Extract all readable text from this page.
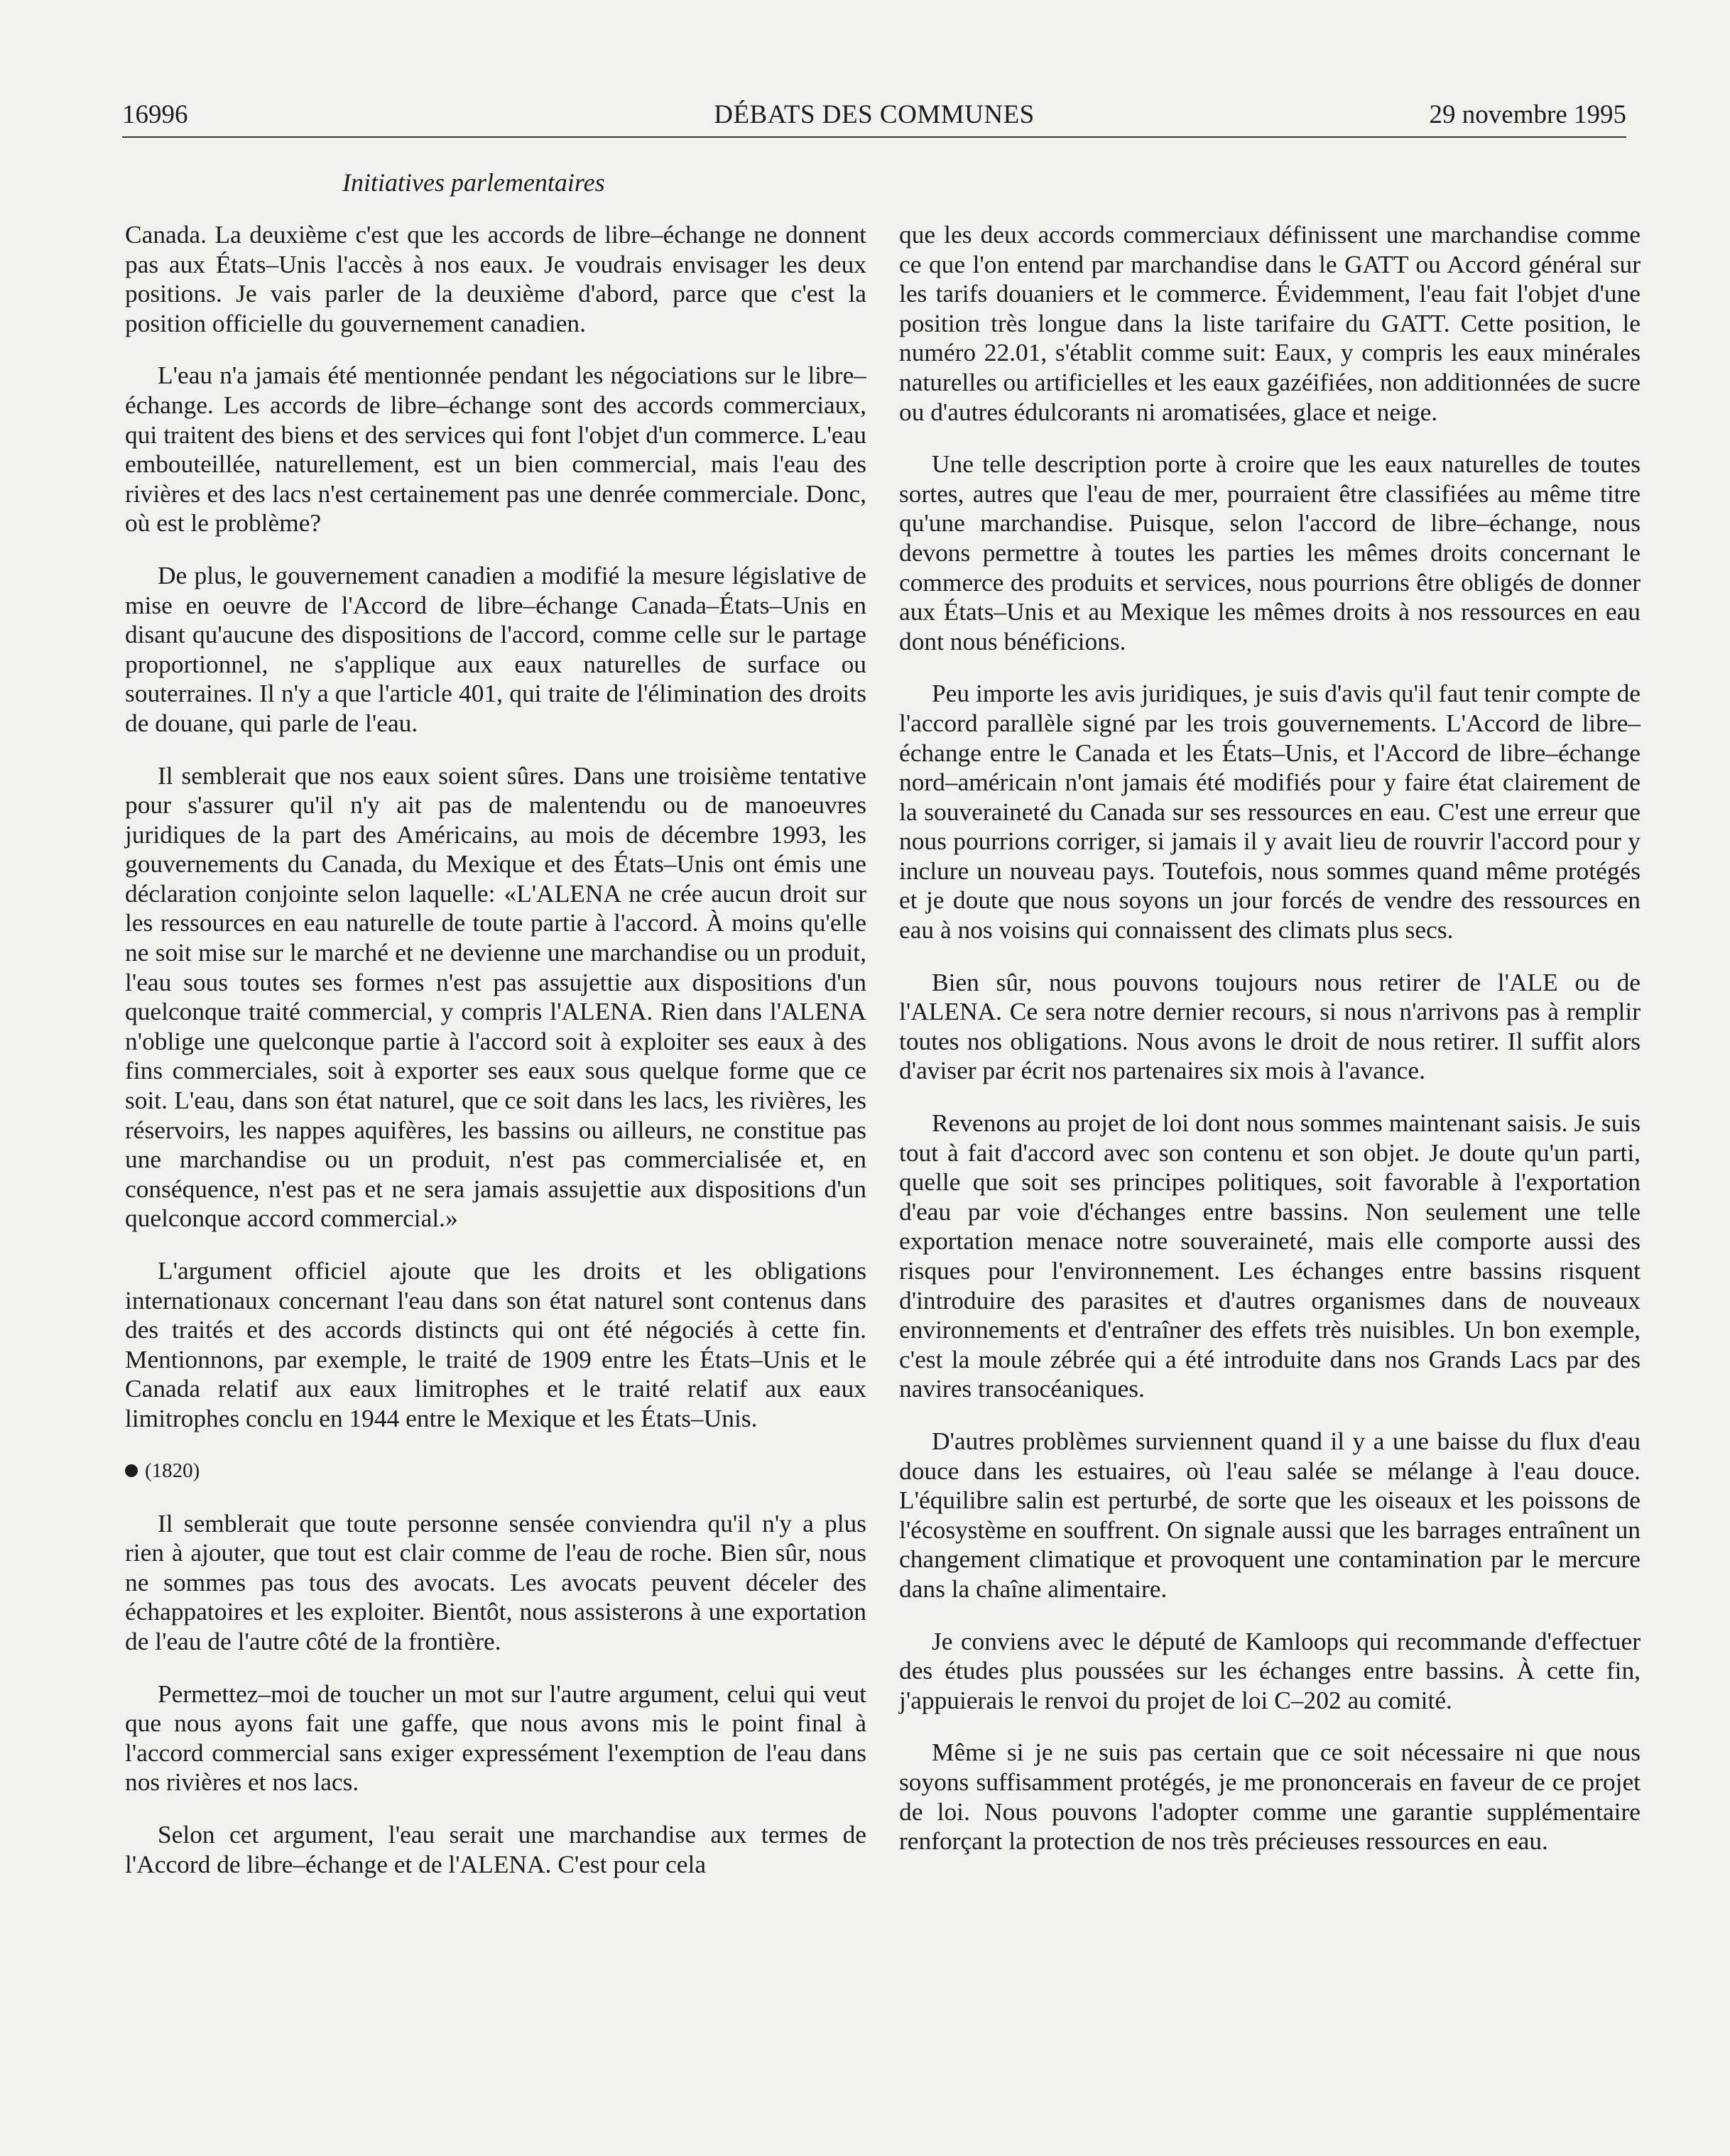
16996	DÉBATS DES COMMUNES	29 novembre 1995
Initiatives parlementaires

Canada. La deuxième c'est que les accords de libre–échange ne donnent pas aux États–Unis l'accès à nos eaux. Je voudrais envisager les deux positions. Je vais parler de la deuxième d'abord, parce que c'est la position officielle du gouvernement canadien.

L'eau n'a jamais été mentionnée pendant les négociations sur le libre–échange. Les accords de libre–échange sont des accords commerciaux, qui traitent des biens et des services qui font l'objet d'un commerce. L'eau embouteillée, naturellement, est un bien commercial, mais l'eau des rivières et des lacs n'est certainement pas une denrée commerciale. Donc, où est le problème?

De plus, le gouvernement canadien a modifié la mesure législative de mise en oeuvre de l'Accord de libre–échange Canada–États–Unis en disant qu'aucune des dispositions de l'accord, comme celle sur le partage proportionnel, ne s'applique aux eaux naturelles de surface ou souterraines. Il n'y a que l'article 401, qui traite de l'élimination des droits de douane, qui parle de l'eau.

Il semblerait que nos eaux soient sûres. Dans une troisième tentative pour s'assurer qu'il n'y ait pas de malentendu ou de manoeuvres juridiques de la part des Américains, au mois de décembre 1993, les gouvernements du Canada, du Mexique et des États–Unis ont émis une déclaration conjointe selon laquelle: «L'ALENA ne crée aucun droit sur les ressources en eau naturelle de toute partie à l'accord. À moins qu'elle ne soit mise sur le marché et ne devienne une marchandise ou un produit, l'eau sous toutes ses formes n'est pas assujettie aux dispositions d'un quelconque traité commercial, y compris l'ALENA. Rien dans l'ALENA n'oblige une quelconque partie à l'accord soit à exploiter ses eaux à des fins commerciales, soit à exporter ses eaux sous quelque forme que ce soit. L'eau, dans son état naturel, que ce soit dans les lacs, les rivières, les réservoirs, les nappes aquifères, les bassins ou ailleurs, ne constitue pas une marchandise ou un produit, n'est pas commercialisée et, en conséquence, n'est pas et ne sera jamais assujettie aux dispositions d'un quelconque accord commercial.»

L'argument officiel ajoute que les droits et les obligations internationaux concernant l'eau dans son état naturel sont contenus dans des traités et des accords distincts qui ont été négociés à cette fin. Mentionnons, par exemple, le traité de 1909 entre les États–Unis et le Canada relatif aux eaux limitrophes et le traité relatif aux eaux limitrophes conclu en 1944 entre le Mexique et les États–Unis.

(1820)

Il semblerait que toute personne sensée conviendra qu'il n'y a plus rien à ajouter, que tout est clair comme de l'eau de roche. Bien sûr, nous ne sommes pas tous des avocats. Les avocats peuvent déceler des échappatoires et les exploiter. Bientôt, nous assisterons à une exportation de l'eau de l'autre côté de la frontière.

Permettez–moi de toucher un mot sur l'autre argument, celui qui veut que nous ayons fait une gaffe, que nous avons mis le point final à l'accord commercial sans exiger expressément l'exemption de l'eau dans nos rivières et nos lacs.

Selon cet argument, l'eau serait une marchandise aux termes de l'Accord de libre–échange et de l'ALENA. C'est pour cela

que les deux accords commerciaux définissent une marchandise comme ce que l'on entend par marchandise dans le GATT ou Accord général sur les tarifs douaniers et le commerce. Évidemment, l'eau fait l'objet d'une position très longue dans la liste tarifaire du GATT. Cette position, le numéro 22.01, s'établit comme suit: Eaux, y compris les eaux minérales naturelles ou artificielles et les eaux gazéifiées, non additionnées de sucre ou d'autres édulcorants ni aromatisées, glace et neige.

Une telle description porte à croire que les eaux naturelles de toutes sortes, autres que l'eau de mer, pourraient être classifiées au même titre qu'une marchandise. Puisque, selon l'accord de libre–échange, nous devons permettre à toutes les parties les mêmes droits concernant le commerce des produits et services, nous pourrions être obligés de donner aux États–Unis et au Mexique les mêmes droits à nos ressources en eau dont nous bénéficions.

Peu importe les avis juridiques, je suis d'avis qu'il faut tenir compte de l'accord parallèle signé par les trois gouvernements. L'Accord de libre–échange entre le Canada et les États–Unis, et l'Accord de libre–échange nord–américain n'ont jamais été modifiés pour y faire état clairement de la souveraineté du Canada sur ses ressources en eau. C'est une erreur que nous pourrions corriger, si jamais il y avait lieu de rouvrir l'accord pour y inclure un nouveau pays. Toutefois, nous sommes quand même protégés et je doute que nous soyons un jour forcés de vendre des ressources en eau à nos voisins qui connaissent des climats plus secs.

Bien sûr, nous pouvons toujours nous retirer de l'ALE ou de l'ALENA. Ce sera notre dernier recours, si nous n'arrivons pas à remplir toutes nos obligations. Nous avons le droit de nous retirer. Il suffit alors d'aviser par écrit nos partenaires six mois à l'avance.

Revenons au projet de loi dont nous sommes maintenant saisis. Je suis tout à fait d'accord avec son contenu et son objet. Je doute qu'un parti, quelle que soit ses principes politiques, soit favorable à l'exportation d'eau par voie d'échanges entre bassins. Non seulement une telle exportation menace notre souveraineté, mais elle comporte aussi des risques pour l'environnement. Les échanges entre bassins risquent d'introduire des parasites et d'autres organismes dans de nouveaux environnements et d'entraîner des effets très nuisibles. Un bon exemple, c'est la moule zébrée qui a été introduite dans nos Grands Lacs par des navires transocéaniques.

D'autres problèmes surviennent quand il y a une baisse du flux d'eau douce dans les estuaires, où l'eau salée se mélange à l'eau douce. L'équilibre salin est perturbé, de sorte que les oiseaux et les poissons de l'écosystème en souffrent. On signale aussi que les barrages entraînent un changement climatique et provoquent une contamination par le mercure dans la chaîne alimentaire.

Je conviens avec le député de Kamloops qui recommande d'effectuer des études plus poussées sur les échanges entre bassins. À cette fin, j'appuierais le renvoi du projet de loi C–202 au comité.

Même si je ne suis pas certain que ce soit nécessaire ni que nous soyons suffisamment protégés, je me prononcerais en faveur de ce projet de loi. Nous pouvons l'adopter comme une garantie supplémentaire renforçant la protection de nos très précieuses ressources en eau.
